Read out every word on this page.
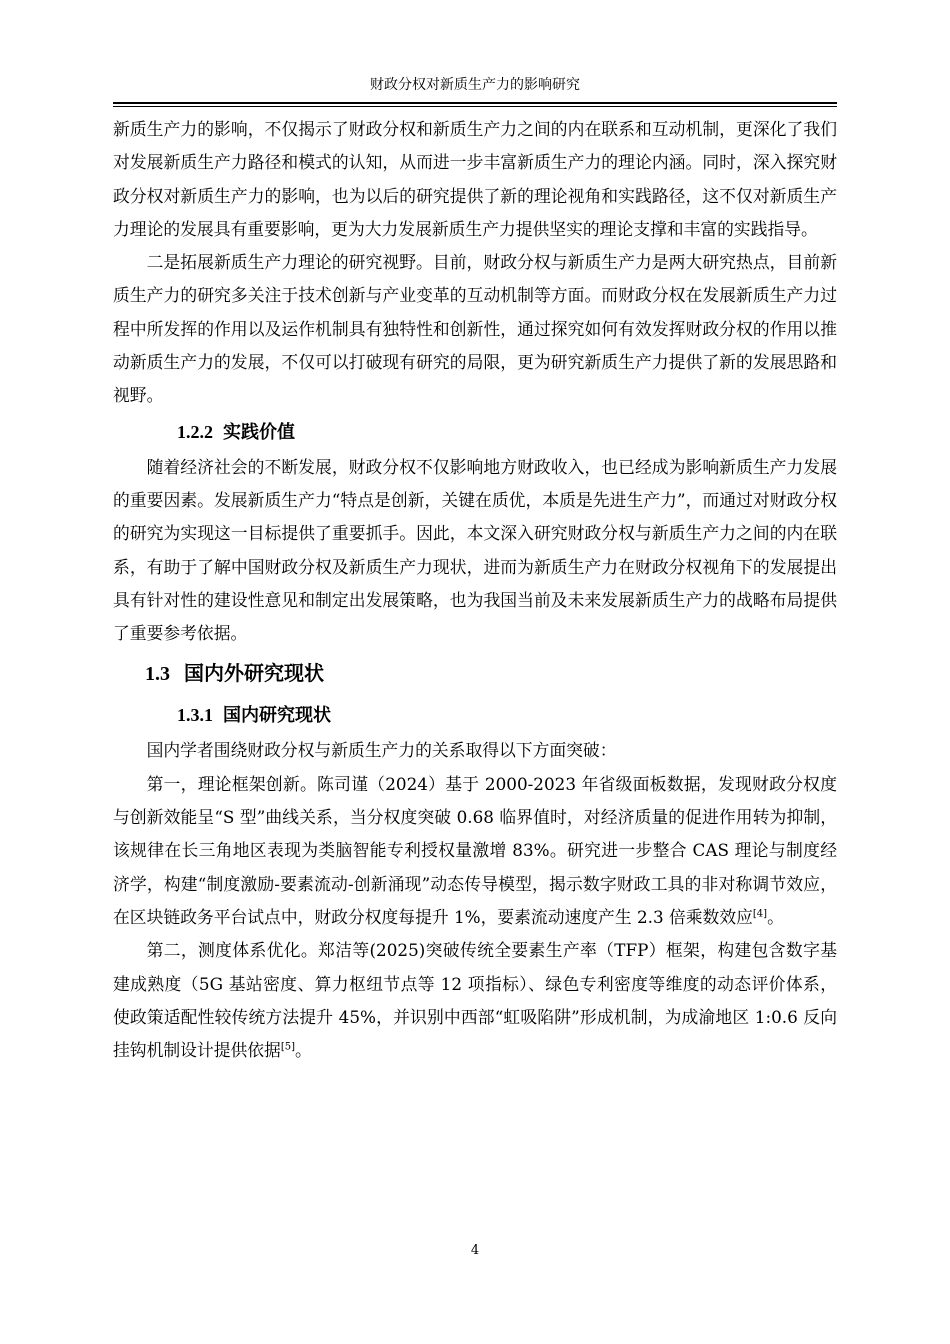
财政分权对新质生产力的影响研究

新质生产力的影响，不仅揭示了财政分权和新质生产力之间的内在联系和互动机制，更深化了我们对发展新质生产力路径和模式的认知，从而进一步丰富新质生产力的理论内涵。同时，深入探究财政分权对新质生产力的影响，也为以后的研究提供了新的理论视角和实践路径，这不仅对新质生产力理论的发展具有重要影响，更为大力发展新质生产力提供坚实的理论支撑和丰富的实践指导。

二是拓展新质生产力理论的研究视野。目前，财政分权与新质生产力是两大研究热点，目前新质生产力的研究多关注于技术创新与产业变革的互动机制等方面。而财政分权在发展新质生产力过程中所发挥的作用以及运作机制具有独特性和创新性，通过探究如何有效发挥财政分权的作用以推动新质生产力的发展，不仅可以打破现有研究的局限，更为研究新质生产力提供了新的发展思路和视野。

1.2.2 实践价值

随着经济社会的不断发展，财政分权不仅影响地方财政收入，也已经成为影响新质生产力发展的重要因素。发展新质生产力“特点是创新，关键在质优，本质是先进生产力”，而通过对财政分权的研究为实现这一目标提供了重要抓手。因此，本文深入研究财政分权与新质生产力之间的内在联系，有助于了解中国财政分权及新质生产力现状，进而为新质生产力在财政分权视角下的发展提出具有针对性的建设性意见和制定出发展策略，也为我国当前及未来发展新质生产力的战略布局提供了重要参考依据。

1.3 国内外研究现状
1.3.1 国内研究现状

国内学者围绕财政分权与新质生产力的关系取得以下方面突破：

第一，理论框架创新。陈司谨（2024）基于 2000-2023 年省级面板数据，发现财政分权度与创新效能呈“S 型”曲线关系，当分权度突破 0.68 临界值时，对经济质量的促进作用转为抑制，该规律在长三角地区表现为类脑智能专利授权量激增 83%。研究进一步整合 CAS 理论与制度经济学，构建“制度激励-要素流动-创新涌现”动态传导模型，揭示数字财政工具的非对称调节效应，在区块链政务平台试点中，财政分权度每提升 1%，要素流动速度产生 2.3 倍乘数效应[4]。

第二，测度体系优化。郑洁等(2025)突破传统全要素生产率（TFP）框架，构建包含数字基建成熟度（5G 基站密度、算力枢纽节点等 12 项指标）、绿色专利密度等维度的动态评价体系，使政策适配性较传统方法提升 45%，并识别中西部“虹吸陷阱”形成机制，为成渝地区 1:0.6 反向挂钩机制设计提供依据[5]。

4
